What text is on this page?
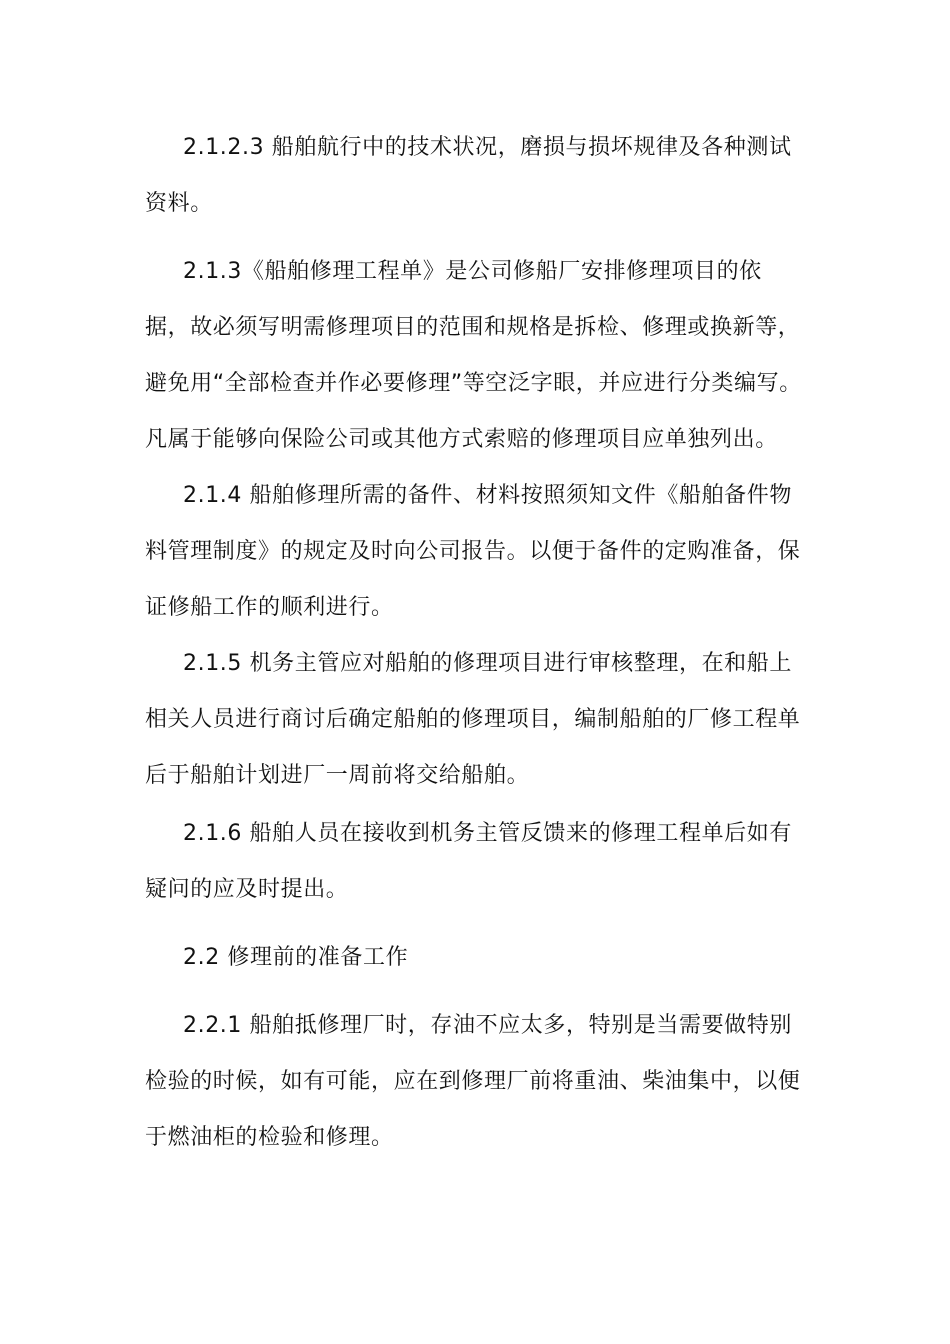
2.1.2.3 船舶航行中的技术状况，磨损与损坏规律及各种测试资料。

2.1.3《船舶修理工程单》是公司修船厂安排修理项目的依据，故必须写明需修理项目的范围和规格是拆检、修理或换新等，避免用“全部检查并作必要修理”等空泛字眼，并应进行分类编写。凡属于能够向保险公司或其他方式索赔的修理项目应单独列出。

2.1.4 船舶修理所需的备件、材料按照须知文件《船舶备件物料管理制度》的规定及时向公司报告。以便于备件的定购准备，保证修船工作的顺利进行。

2.1.5 机务主管应对船舶的修理项目进行审核整理，在和船上相关人员进行商讨后确定船舶的修理项目，编制船舶的厂修工程单后于船舶计划进厂一周前将交给船舶。

2.1.6 船舶人员在接收到机务主管反馈来的修理工程单后如有疑问的应及时提出。

2.2 修理前的准备工作

2.2.1 船舶抵修理厂时，存油不应太多，特别是当需要做特别检验的时候，如有可能，应在到修理厂前将重油、柴油集中，以便于燃油柜的检验和修理。
